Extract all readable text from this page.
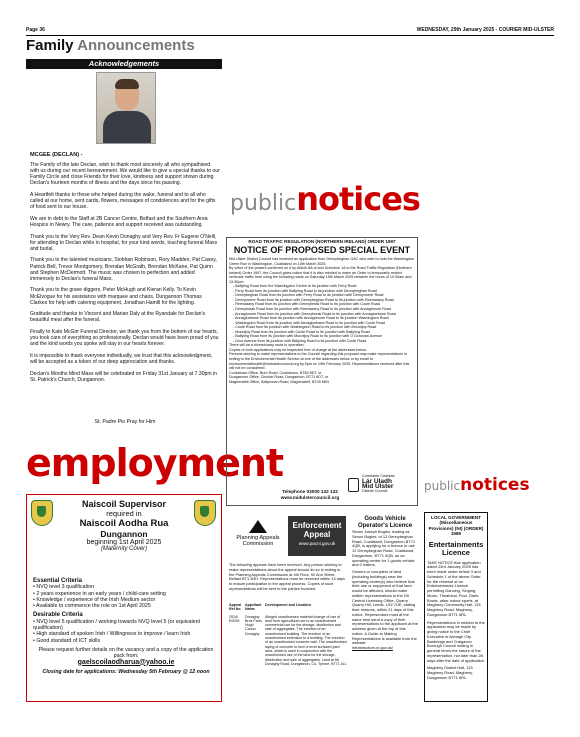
Page 36	WEDNESDAY, 29th January 2025 - COURIER MID-ULSTER
Family Announcements
Acknowledgements
MCGEE (DECLAN) -

The Family of the late Declan, wish to thank most sincerely all who sympathised with us during our recent bereavement. We would like to give a special thanks to our Family Circle and close Friends for their love, kindness and support shown during Declan's fourteen months of illness and the days since his passing.

A Heartfelt thanks to those who helped during the wake, funeral and to all who called at our home, sent cards, flowers, messages of condolences and for the gifts of food sent to our house.

We are in debt to the Staff at 2B Cancer Centre, Belfast and the Southern Area Hospice in Newry. The care, patience and support received was outstanding.

Thank you to the Very Rev. Dean Kevin Donaghy and Very Rev. Fr Eugene O'Neill, for attending to Declan while in hospital, for your kind words, touching funeral Mass and burial.

Thank you to the talented musicians, Siobhan Robinson, Rory Madden, Pat Casey, Patrick Bell, Trevor Montgomery, Brendan McGrath, Brendan McKane, Pat Quinn and Stephen McDermott. The music was chosen to perfection and added immensely to Declan's funeral Mass.

Thank you to the grave diggers, Peter McHugh and Kieran Kelly. To Kevin McElvogue for his assistance with marquee and chairs. Dungannon Thomas Clarkes for help with catering equipment, Jonathan Hamill for the lighting.

Gratitude and thanks to Vincent and Marian Daly at the Ryandale for Declan's beautiful meal after the funeral.

Finally to Kate McGirr Funeral Director, we thank you from the bottom of our hearts, you took care of everything so professionally. Declan would have been proud of you and the kind words you spoke will stay in our hearts forever.

It is impossible to thank everyone individually, we trust that this acknowledgment, will be accepted as a token of our deep appreciation and thanks.

Declan's Months Mind Mass will be celebrated on Friday 31st January at 7.30pm in St. Patrick's Church, Dungannon.

St. Padre Pio Pray for Him
employment
Naiscoil Supervisor
required in
Naiscoil Aodha Rua
Dungannon
beginning 1st April 2025
(Maternity Cover)
Essential Criteria
• NVQ level 3 qualification
• 2 years experience in an early years / child-care setting
• Knowledge / experience of the Irish Medium sector
• Available to commence the role on 1st April 2025
Desirable Criteria
• NVQ level 5 qualification / working towards NVQ level 5 (or equivalent qualification)
• High standard of spoken Irish / Willingness to improve / learn Irish
• Good standard of ICT skills
Please request further details on the vacancy and a copy of the application pack from:
gaelscoilaodharua@yahoo.ie
Closing date for applications: Wednesday 5th February @ 12 noon
public notices
ROAD TRAFFIC REGULATION (NORTHERN IRELAND) ORDER 1997
NOTICE OF PROPOSED SPECIAL EVENT
Mid Ulster District Council has received an application from Dennybeghan GAC who wish to hold the Washingdon Green Run in Washingdon, Coalisland on 15th March 2025.
By virtue of the powers conferred on it by Article 8A of and Schedule 1A to the Road Traffic Regulation (Northern Ireland) Order 1997, the Council gives notice that it is also minded to make an Order to temporarily restrict vehicular traffic from using the following roads on Saturday 15th March 2025 between the hours of 10:30am and 13:30pm:
- Ballyling Road from the Washingdon Centre to its junction with Ferry Road
- Ferry Road from its junction with Ballyling Road to its junction with Dennybeghan Road
- Dennybeghan Road from its junction with Ferry Road to its junction with Dennynorrer Road
- Dennynorrer Road from its junction with Dennybeghan Road to its junction with Reenadany Road
- Reenadany Road from its junction with Dennybreak Road to its junction with Coole Road
- Dennybreak Road from its junction with Reenadany Road to its junction with Annaghmore Road
- Annaghmore Road from its junction with Dennybreak Road to its junction with Annagluebane Road
- Annagluebane Road from its junction with Annaghmore Road to its junction Washingdon Road
- Washingdon Road from its junction with Annagluebane Road to its junction with Coole Road
- Coole Road from its junction with Washingdon Road to its junction with Mountjoy Road
- Mountjoy Road from its junction with Coole Road to its junction with Ballyling Road
- Ballyling Road from its junction with Mountjoy Road to its junction with O Donovan Avenue
- Dour Avenue from its junction with Ballyling Road to its junction with Coole Road
There will be a diversionary route in operation.
Copies of both applications may be inspected free of charge at the addresses below.
Persons wishing to make representations to the Council regarding this proposal may make representations in writing to the Environmental Health Service at one of the addresses below or by email to environmentalhealth@midulstercouncil.org by 5pm on 19th February 2025. Representations received after this will not be considered.
Cookstown Office, Burn Road, Cookstown, BT80 8DT, or
Dungannon Office, Circular Road, Dungannon, BT71 6DT, or
Magherafelt Office, Ballyronan Road, Magherafelt, BT45 6EN
Telephone 03000 132 132
www.midulstercouncil.org
Comhairle Ceantair
Lár Uladh
Mid Ulster
District Council	public notices
Planning Appeals Commission
Enforcement
Appeal
www.pacni.gov.uk
The following appeals have been received. Any person wishing to make representations about the appeal should do so in writing to the Planning Appeals Commission at 4th Floor, 92 Ann Street, Belfast BT1 3HH. Representations must be received within 14 days to ensure participation in the appeal process. Copies of such representations will be sent to the parties involved.
Appeal Ref No
Appellant Name
Development and Location
2024/ E0039
Donaghy Bros Farm Hugh Canon Donaghy
Alleged unauthorised material change of use of land from agricultural use to an unauthorised commercial use for the storage, distribution and sale of aggregates. The erection of an unauthorised building. The erection of an unauthorised extension to a building. The erection of an unauthorised concrete wall. The unauthorised laying of concrete to form a level surfaced yard area, which is used in conjunction with the unauthorised use of the land for the storage, distribution and sale of aggregates. Land at 66 Donaghy Road, Dungannon, Co. Tyrone, BT71 4LL
Goods Vehicle Operator's Licence
Simon Joseph Bogles, trading as Simon Bogles, of 12 Dennybeghan Road, Coalisland, Dungannon BT71 4QB, is applying for a licence to use 12 Dennybeghan Road, Coalisland, Dungannon, BT71 4QB, as an operating centre for 1 goods vehicle and 0 trailers.
Owners or occupiers of land (including buildings) near the operating centre(s) who believe that their use or enjoyment of that land would be affected, should make written representations to the DfI Central Licensing Office, Quarry Quarry Hill, Leeds, LS2 7UE, stating their reasons, within 21 days of this notice. Representors must at the same time send a copy of their representations to the applicant at the address given at the top of this notice. A Guide to Making Representations is available from the website:
infrastructure-ni.gov.uk/
LOCAL GOVERNMENT (Miscellaneous Provisions) (NI) (ORDER) 1985
Entertainments Licence
TAKE NOTICE that application dated 23rd January 2025 has been made under Article 3 and Schedule 1 of the above Order for the renewal of an Entertainments Licence permitting Dancing, Singing, Music, Theatrical, Pool, Darts, Bowls, other indoor sports, at Magheny Community Hall, 115 Magheny Road, Magheny, Dungannon BT71 6RL.
Representations in relation to the application may be made by giving notice to the Chief Executive of Armagh City Banbridge and Craigavon Borough Council stating in general terms the nature of the representation, not later than 28 days after the date of application.
Magheny District Hall, 115 Magheny Road, Magheny, Dungannon BT71 6RL.
